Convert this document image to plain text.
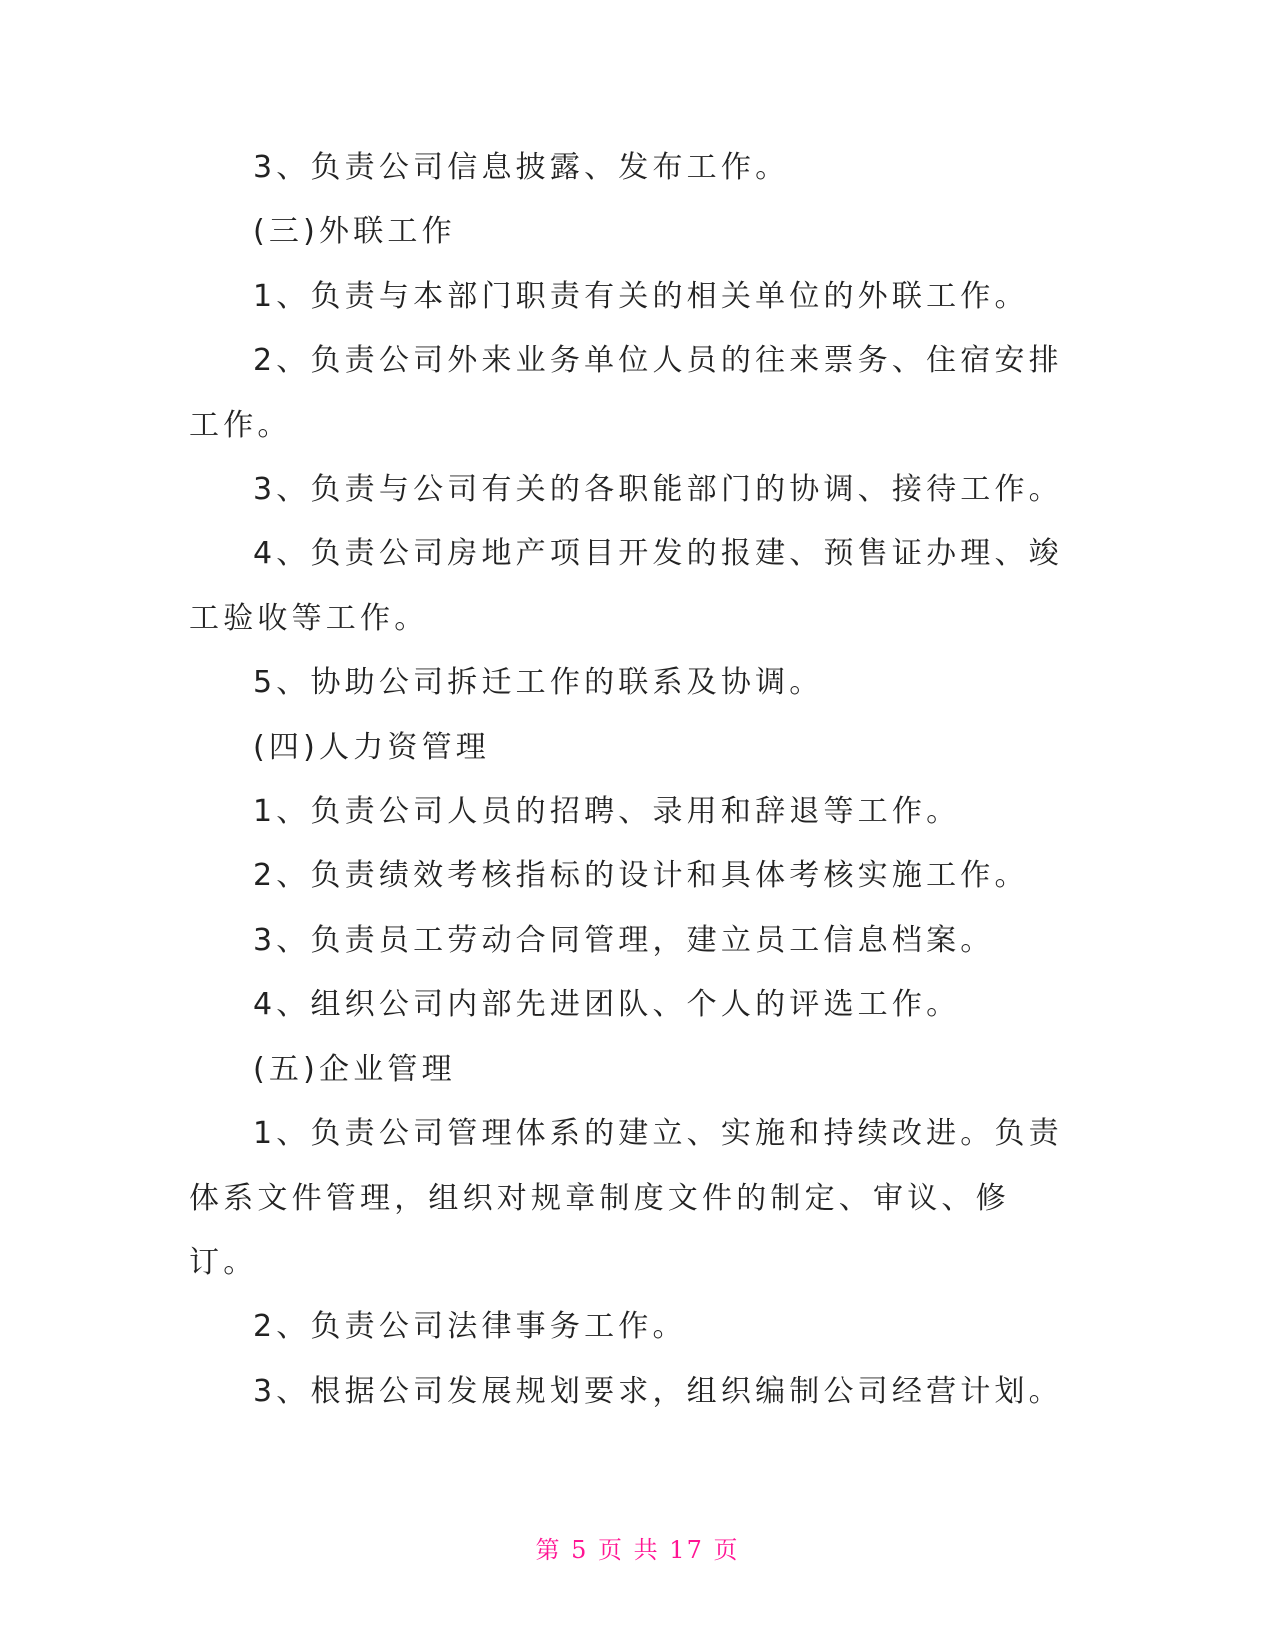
3、负责公司信息披露、发布工作。

(三)外联工作

1、负责与本部门职责有关的相关单位的外联工作。

2、负责公司外来业务单位人员的往来票务、住宿安排工作。

3、负责与公司有关的各职能部门的协调、接待工作。

4、负责公司房地产项目开发的报建、预售证办理、竣工验收等工作。

5、协助公司拆迁工作的联系及协调。

(四)人力资管理

1、负责公司人员的招聘、录用和辞退等工作。

2、负责绩效考核指标的设计和具体考核实施工作。

3、负责员工劳动合同管理，建立员工信息档案。

4、组织公司内部先进团队、个人的评选工作。

(五)企业管理

1、负责公司管理体系的建立、实施和持续改进。负责体系文件管理，组织对规章制度文件的制定、审议、修订。

2、负责公司法律事务工作。

3、根据公司发展规划要求，组织编制公司经营计划。

第 5 页 共 17 页
